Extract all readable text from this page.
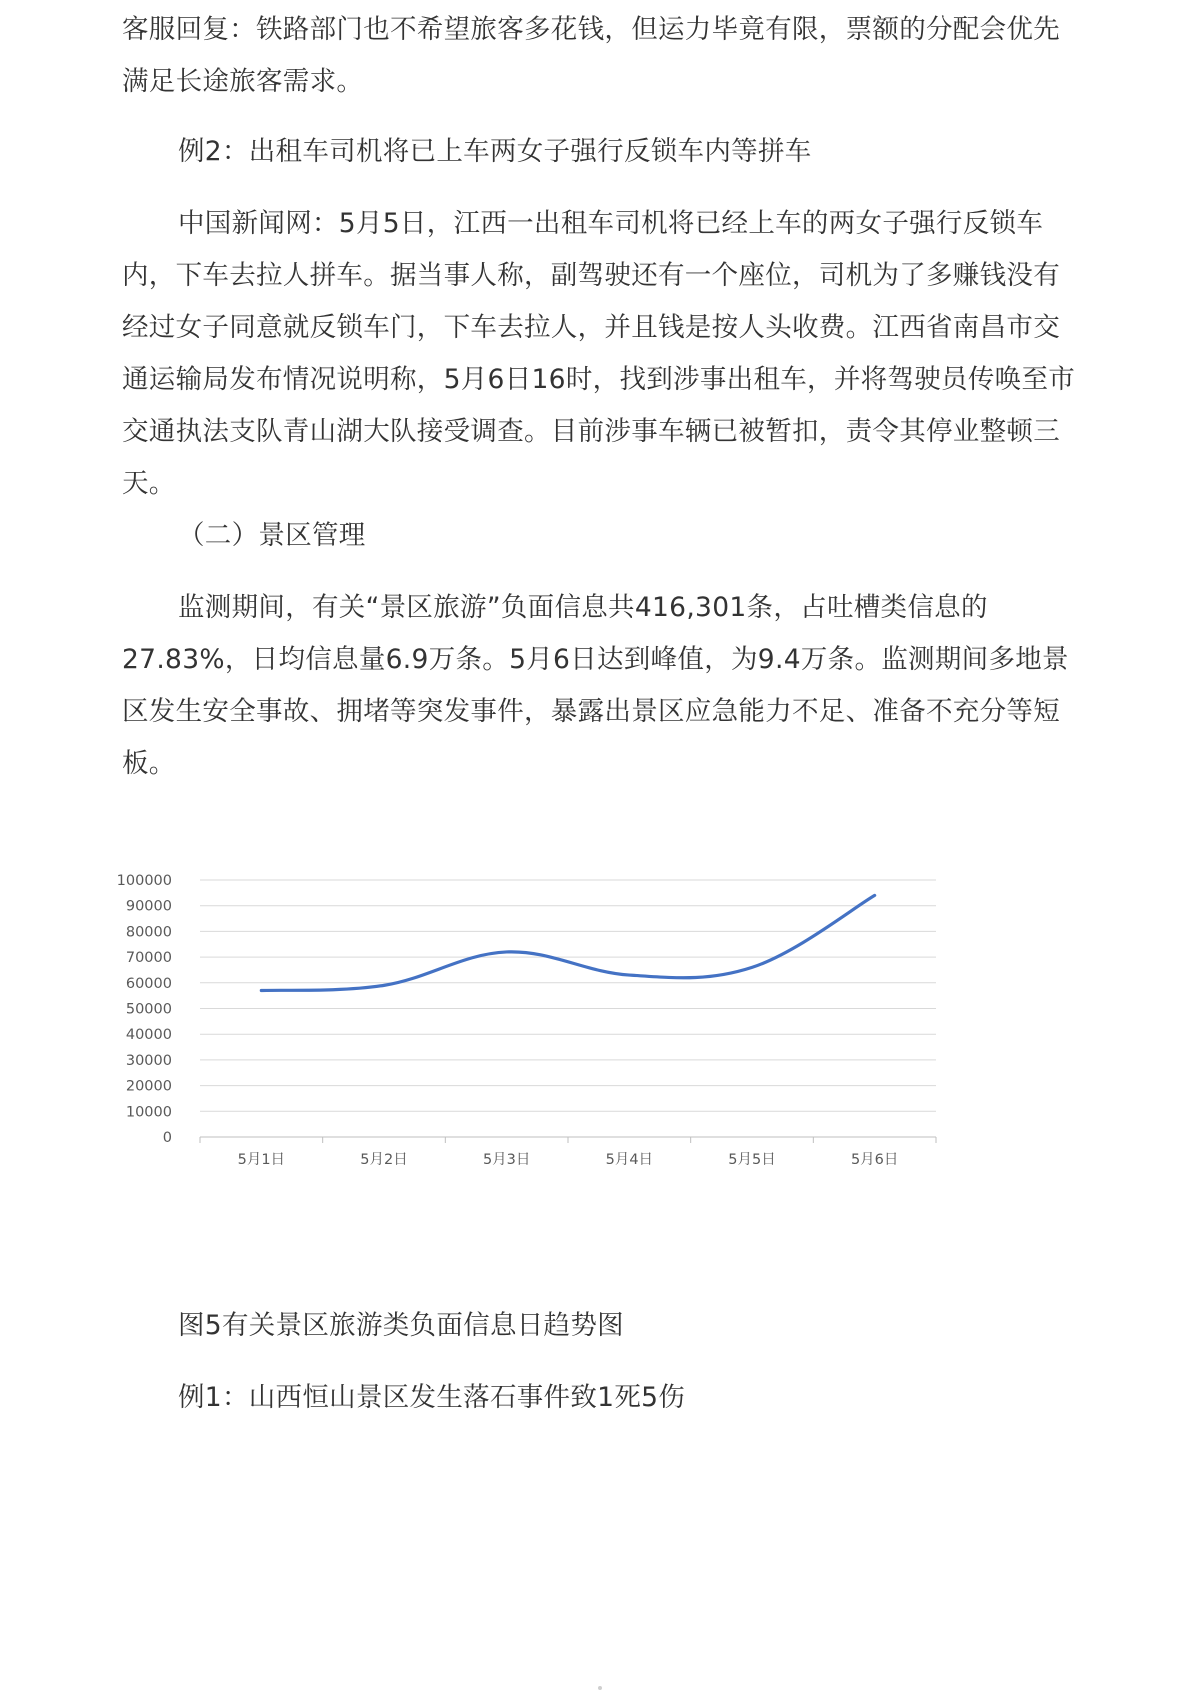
客服回复：铁路部门也不希望旅客多花钱，但运力毕竟有限，票额的分配会优先满足长途旅客需求。

例2：出租车司机将已上车两女子强行反锁车内等拼车

中国新闻网：5月5日，江西一出租车司机将已经上车的两女子强行反锁车内，下车去拉人拼车。据当事人称，副驾驶还有一个座位，司机为了多赚钱没有经过女子同意就反锁车门，下车去拉人，并且钱是按人头收费。江西省南昌市交通运输局发布情况说明称，5月6日16时，找到涉事出租车，并将驾驶员传唤至市交通执法支队青山湖大队接受调查。目前涉事车辆已被暂扣，责令其停业整顿三天。

（二）景区管理

监测期间，有关“景区旅游”负面信息共416,301条，占吐槽类信息的27.83%，日均信息量6.9万条。5月6日达到峰值，为9.4万条。监测期间多地景区发生安全事故、拥堵等突发事件，暴露出景区应急能力不足、准备不充分等短板。

0
10000
20000
30000
40000
50000
60000
70000
80000
90000
100000
5月1日	5月2日	5月3日	5月4日	5月5日	5月6日

图5有关景区旅游类负面信息日趋势图

例1：山西恒山景区发生落石事件致1死5伤
